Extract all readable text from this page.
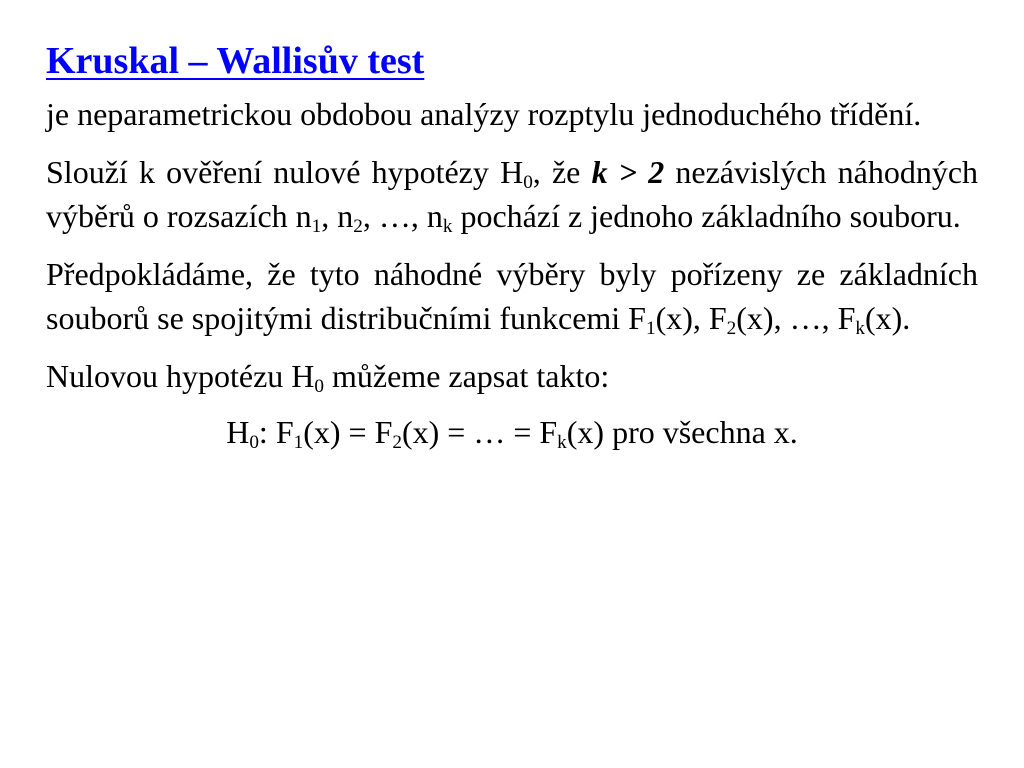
Kruskal – Wallisův test

je neparametrickou obdobou analýzy rozptylu jednoduchého třídění.

Slouží k ověření nulové hypotézy $H_0$, že k > 2 nezávislých náhodných výběrů o rozsazích $n_1$, $n_2$, …, $n_k$ pochází z jednoho základního souboru.

Předpokládáme, že tyto náhodné výběry byly pořízeny ze základních souborů se spojitými distribučními funkcemi $F_1(x)$, $F_2(x)$, …, $F_k(x)$.

Nulovou hypotézu $H_0$ můžeme zapsat takto:

$H_0$: $F_1(x) = F_2(x)$ = … = $F_k(x)$ pro všechna x.
